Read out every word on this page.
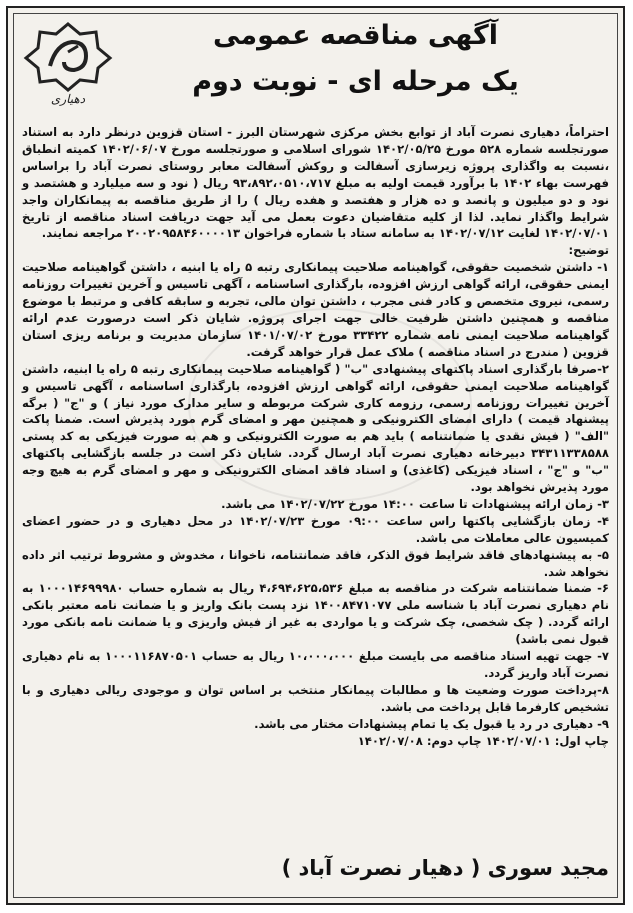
دهیاری
آگهی مناقصه عمومی
یک مرحله ای - نوبت دوم

احتراماً، دهیاری نصرت آباد از توابع بخش مرکزی شهرستان البرز - استان قزوین درنظر دارد به استناد صورتجلسه شماره ۵۲۸ مورخ ۱۴۰۲/۰۵/۲۵ شورای اسلامی و صورتجلسه مورخ ۱۴۰۲/۰۶/۰۷ کمیته انطباق ،نسبت به واگذاری پروژه زیرسازی آسفالت و روکش آسفالت معابر روستای نصرت آباد را براساس فهرست بهاء ۱۴۰۲ با برآورد قیمت اولیه به مبلغ ۹۳،۸۹۲،۰۵۱۰،۷۱۷ ریال ( نود و سه میلیارد و هشتصد و نود و دو میلیون و پانصد و ده هزار و هفتصد و هفده ریال ) را از طریق مناقصه به پیمانکاران واجد شرایط واگذار نماید. لذا از کلیه متقاضیان دعوت بعمل می آید جهت دریافت اسناد مناقصه از تاریخ ۱۴۰۲/۰۷/۰۱ لغایت ۱۴۰۲/۰۷/۱۲ به سامانه ستاد با شماره فراخوان ۲۰۰۲۰۹۵۸۴۶۰۰۰۰۱۳ مراجعه نمایند.

توضیح:

۱- داشتن شخصیت حقوقی، گواهینامه صلاحیت پیمانکاری رتبه ۵ راه یا ابنیه ، داشتن گواهینامه صلاحیت ایمنی حقوقی، ارائه گواهی ارزش افزوده، بارگذاری اساسنامه ، آگهی تاسیس و آخرین تغییرات روزنامه رسمی، نیروی متخصص و کادر فنی مجرب ، داشتن توان مالی، تجربه و سابقه کافی و مرتبط با موضوع مناقصه و همچنین داشتن ظرفیت خالی جهت اجرای پروژه. شایان ذکر است درصورت عدم ارائه گواهینامه صلاحیت ایمنی نامه شماره ۳۳۴۲۲ مورخ ۱۴۰۱/۰۷/۰۲ سازمان مدیریت و برنامه ریزی استان قزوین ( مندرج در اسناد مناقصه ) ملاک عمل قرار خواهد گرفت.

۲-صرفا بارگذاری اسناد پاکتهای پیشنهادی "ب" ( گواهینامه صلاحیت پیمانکاری رتبه ۵ راه یا ابنیه، داشتن گواهینامه صلاحیت ایمنی حقوقی، ارائه گواهی ارزش افزوده، بارگذاری اساسنامه ، آگهی تاسیس و آخرین تغییرات روزنامه رسمی، رزومه کاری شرکت مربوطه و سایر مدارک مورد نیاز ) و "ج" ( برگه پیشنهاد قیمت ) دارای امضای الکترونیکی و همچنین مهر و امضای گرم مورد پذیرش است. ضمنا پاکت "الف" ( فیش نقدی یا ضمانتنامه ) باید هم به صورت الکترونیکی و هم به صورت فیزیکی به کد پستی ۳۴۳۱۱۳۳۸۵۸۸ دبیرخانه دهیاری نصرت آباد ارسال گردد. شایان ذکر است در جلسه بازگشایی پاکتهای "ب" و "ج" ، اسناد فیزیکی (کاغذی) و اسناد فاقد امضای الکترونیکی و مهر و امضای گرم به هیچ وجه مورد پذیرش نخواهد بود.

۳- زمان ارائه پیشنهادات تا ساعت ۱۴:۰۰ مورخ ۱۴۰۲/۰۷/۲۲ می باشد.

۴- زمان بازگشایی پاکتها راس ساعت ۰۹:۰۰ مورخ ۱۴۰۲/۰۷/۲۳ در محل دهیاری و در حضور اعضای کمیسیون عالی معاملات می باشد.

۵- به پیشنهادهای فاقد شرایط فوق الذکر، فاقد ضمانتنامه، ناخوانا ، مخدوش و مشروط ترتیب اثر داده نخواهد شد.

۶- ضمنا ضمانتنامه شرکت در مناقصه به مبلغ ۴،۶۹۴،۶۲۵،۵۳۶ ریال به شماره حساب ۱۰۰۰۱۴۶۹۹۹۸۰ به نام دهیاری نصرت آباد با شناسه ملی ۱۴۰۰۸۴۷۱۰۷۷ نزد پست بانک واریز و یا ضمانت نامه معتبر بانکی ارائه گردد. ( چک شخصی، چک شرکت و یا مواردی به غیر از فیش واریزی و یا ضمانت نامه بانکی مورد قبول نمی باشد)

۷- جهت تهیه اسناد مناقصه می بایست مبلغ ۱۰،۰۰۰،۰۰۰ ریال به حساب ۱۰۰۰۱۱۶۸۷۰۵۰۱ به نام دهیاری نصرت آباد واریز گردد.

۸-پرداخت صورت وضعیت ها و مطالبات پیمانکار منتخب بر اساس توان و موجودی ریالی دهیاری و با تشخیص کارفرما قابل پرداخت می باشد.

۹- دهیاری در رد یا قبول یک یا تمام پیشنهادات مختار می باشد.

چاپ اول: ۱۴۰۲/۰۷/۰۱ چاپ دوم: ۱۴۰۲/۰۷/۰۸

مجید سوری ( دهیار نصرت آباد )
